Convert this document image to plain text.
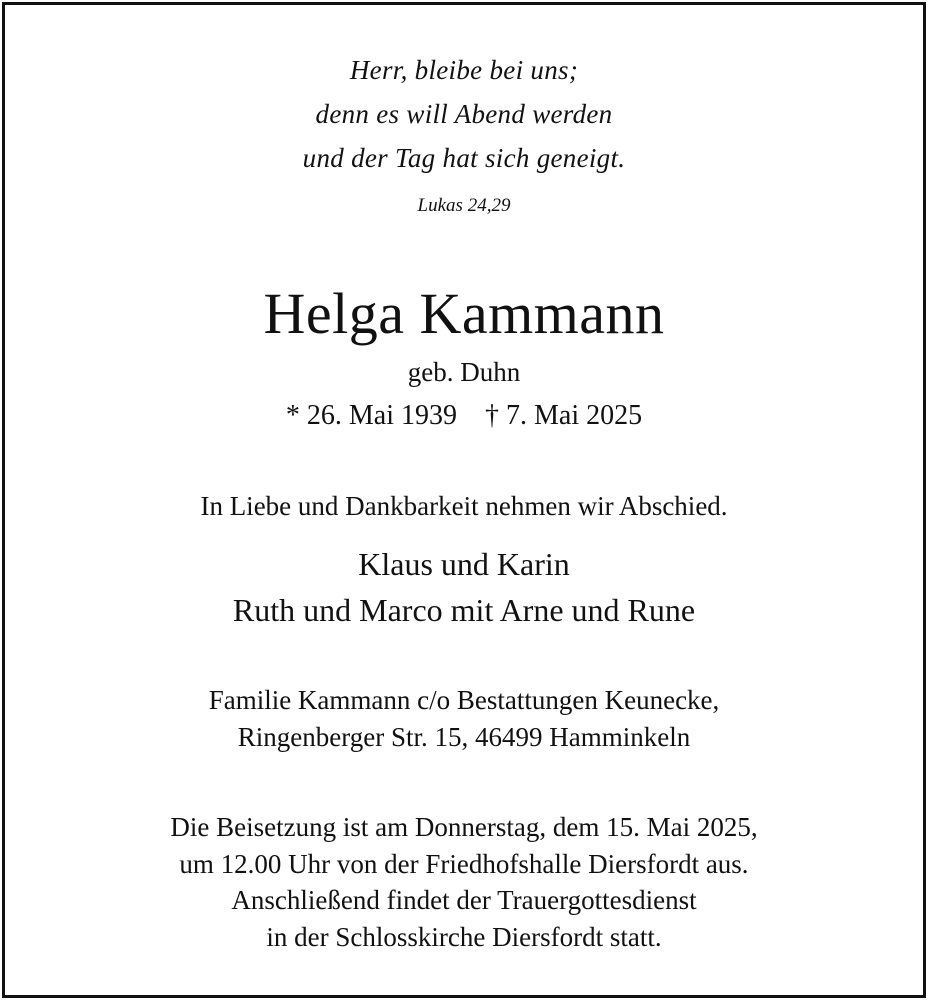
Herr, bleibe bei uns;
denn es will Abend werden
und der Tag hat sich geneigt.
Lukas 24,29
Helga Kammann
geb. Duhn
* 26. Mai 1939 † 7. Mai 2025
In Liebe und Dankbarkeit nehmen wir Abschied.
Klaus und Karin
Ruth und Marco mit Arne und Rune
Familie Kammann c/o Bestattungen Keunecke,
Ringenberger Str. 15, 46499 Hamminkeln
Die Beisetzung ist am Donnerstag, dem 15. Mai 2025,
um 12.00 Uhr von der Friedhofshalle Diersfordt aus.
Anschließend findet der Trauergottesdienst
in der Schlosskirche Diersfordt statt.
